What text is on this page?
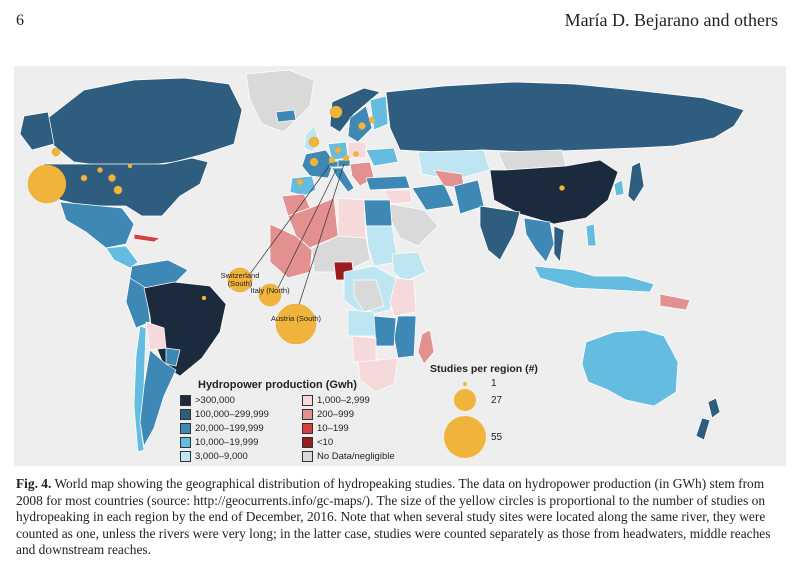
6	María D. Bejarano and others
Switzerland (South)
Italy (North)
Austria (South)
Hydropower production (Gwh)
>300,000
100,000–299,999
20,000–199,999
10,000–19,999
3,000–9,000
1,000–2,999
200–999
10–199
<10
No Data/negligible
Studies per region (#)
1
27
55
Fig. 4. World map showing the geographical distribution of hydropeaking studies. The data on hydropower production (in GWh) stem from 2008 for most countries (source: http://geocurrents.info/gc-maps/). The size of the yellow circles is proportional to the number of studies on hydropeaking in each region by the end of December, 2016. Note that when several study sites were located along the same river, they were counted as one, unless the rivers were very long; in the latter case, studies were counted separately as those from headwaters, middle reaches and downstream reaches.
